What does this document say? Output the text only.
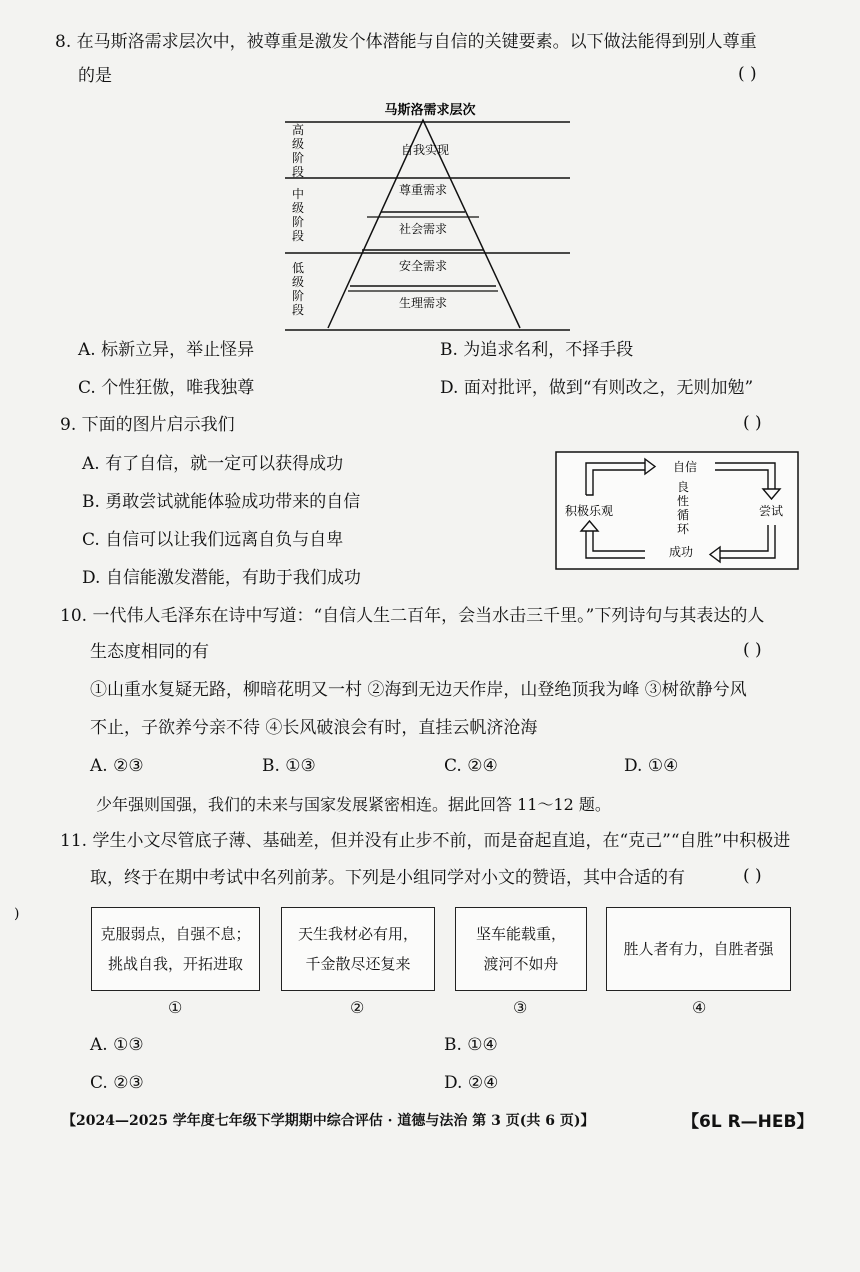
8. 在马斯洛需求层次中，被尊重是激发个体潜能与自信的关键要素。以下做法能得到别人尊重
的是	( )
马斯洛需求层次
自我实现
尊重需求
社会需求
安全需求
生理需求
高
级
阶
段
中
级
阶
段
低
级
阶
段
A. 标新立异，举止怪异	B. 为追求名利，不择手段
C. 个性狂傲，唯我独尊	D. 面对批评，做到“有则改之，无则加勉”
9. 下面的图片启示我们	( )
A. 有了自信，就一定可以获得成功
B. 勇敢尝试就能体验成功带来的自信
C. 自信可以让我们远离自负与自卑
D. 自信能激发潜能，有助于我们成功
自信
尝试
成功
积极乐观
良
性
循
环
10. 一代伟人毛泽东在诗中写道：“自信人生二百年，会当水击三千里。”下列诗句与其表达的人
生态度相同的有	( )
①山重水复疑无路，柳暗花明又一村 ②海到无边天作岸，山登绝顶我为峰 ③树欲静兮风
不止，子欲养兮亲不待 ④长风破浪会有时，直挂云帆济沧海
A. ②③	B. ①③	C. ②④	D. ①④
少年强则国强，我们的未来与国家发展紧密相连。据此回答 11～12 题。
11. 学生小文尽管底子薄、基础差，但并没有止步不前，而是奋起直追，在“克己”“自胜”中积极进
取，终于在期中考试中名列前茅。下列是小组同学对小文的赞语，其中合适的有	( )
)
克服弱点，自强不息；
挑战自我，开拓进取
天生我材必有用，
千金散尽还复来
坚车能载重，
渡河不如舟
胜人者有力，自胜者强
①	②	③	④
A. ①③	B. ①④
C. ②③	D. ②④
【2024—2025 学年度七年级下学期期中综合评估 · 道德与法治 第 3 页(共 6 页)】	【6L R—HEB】
